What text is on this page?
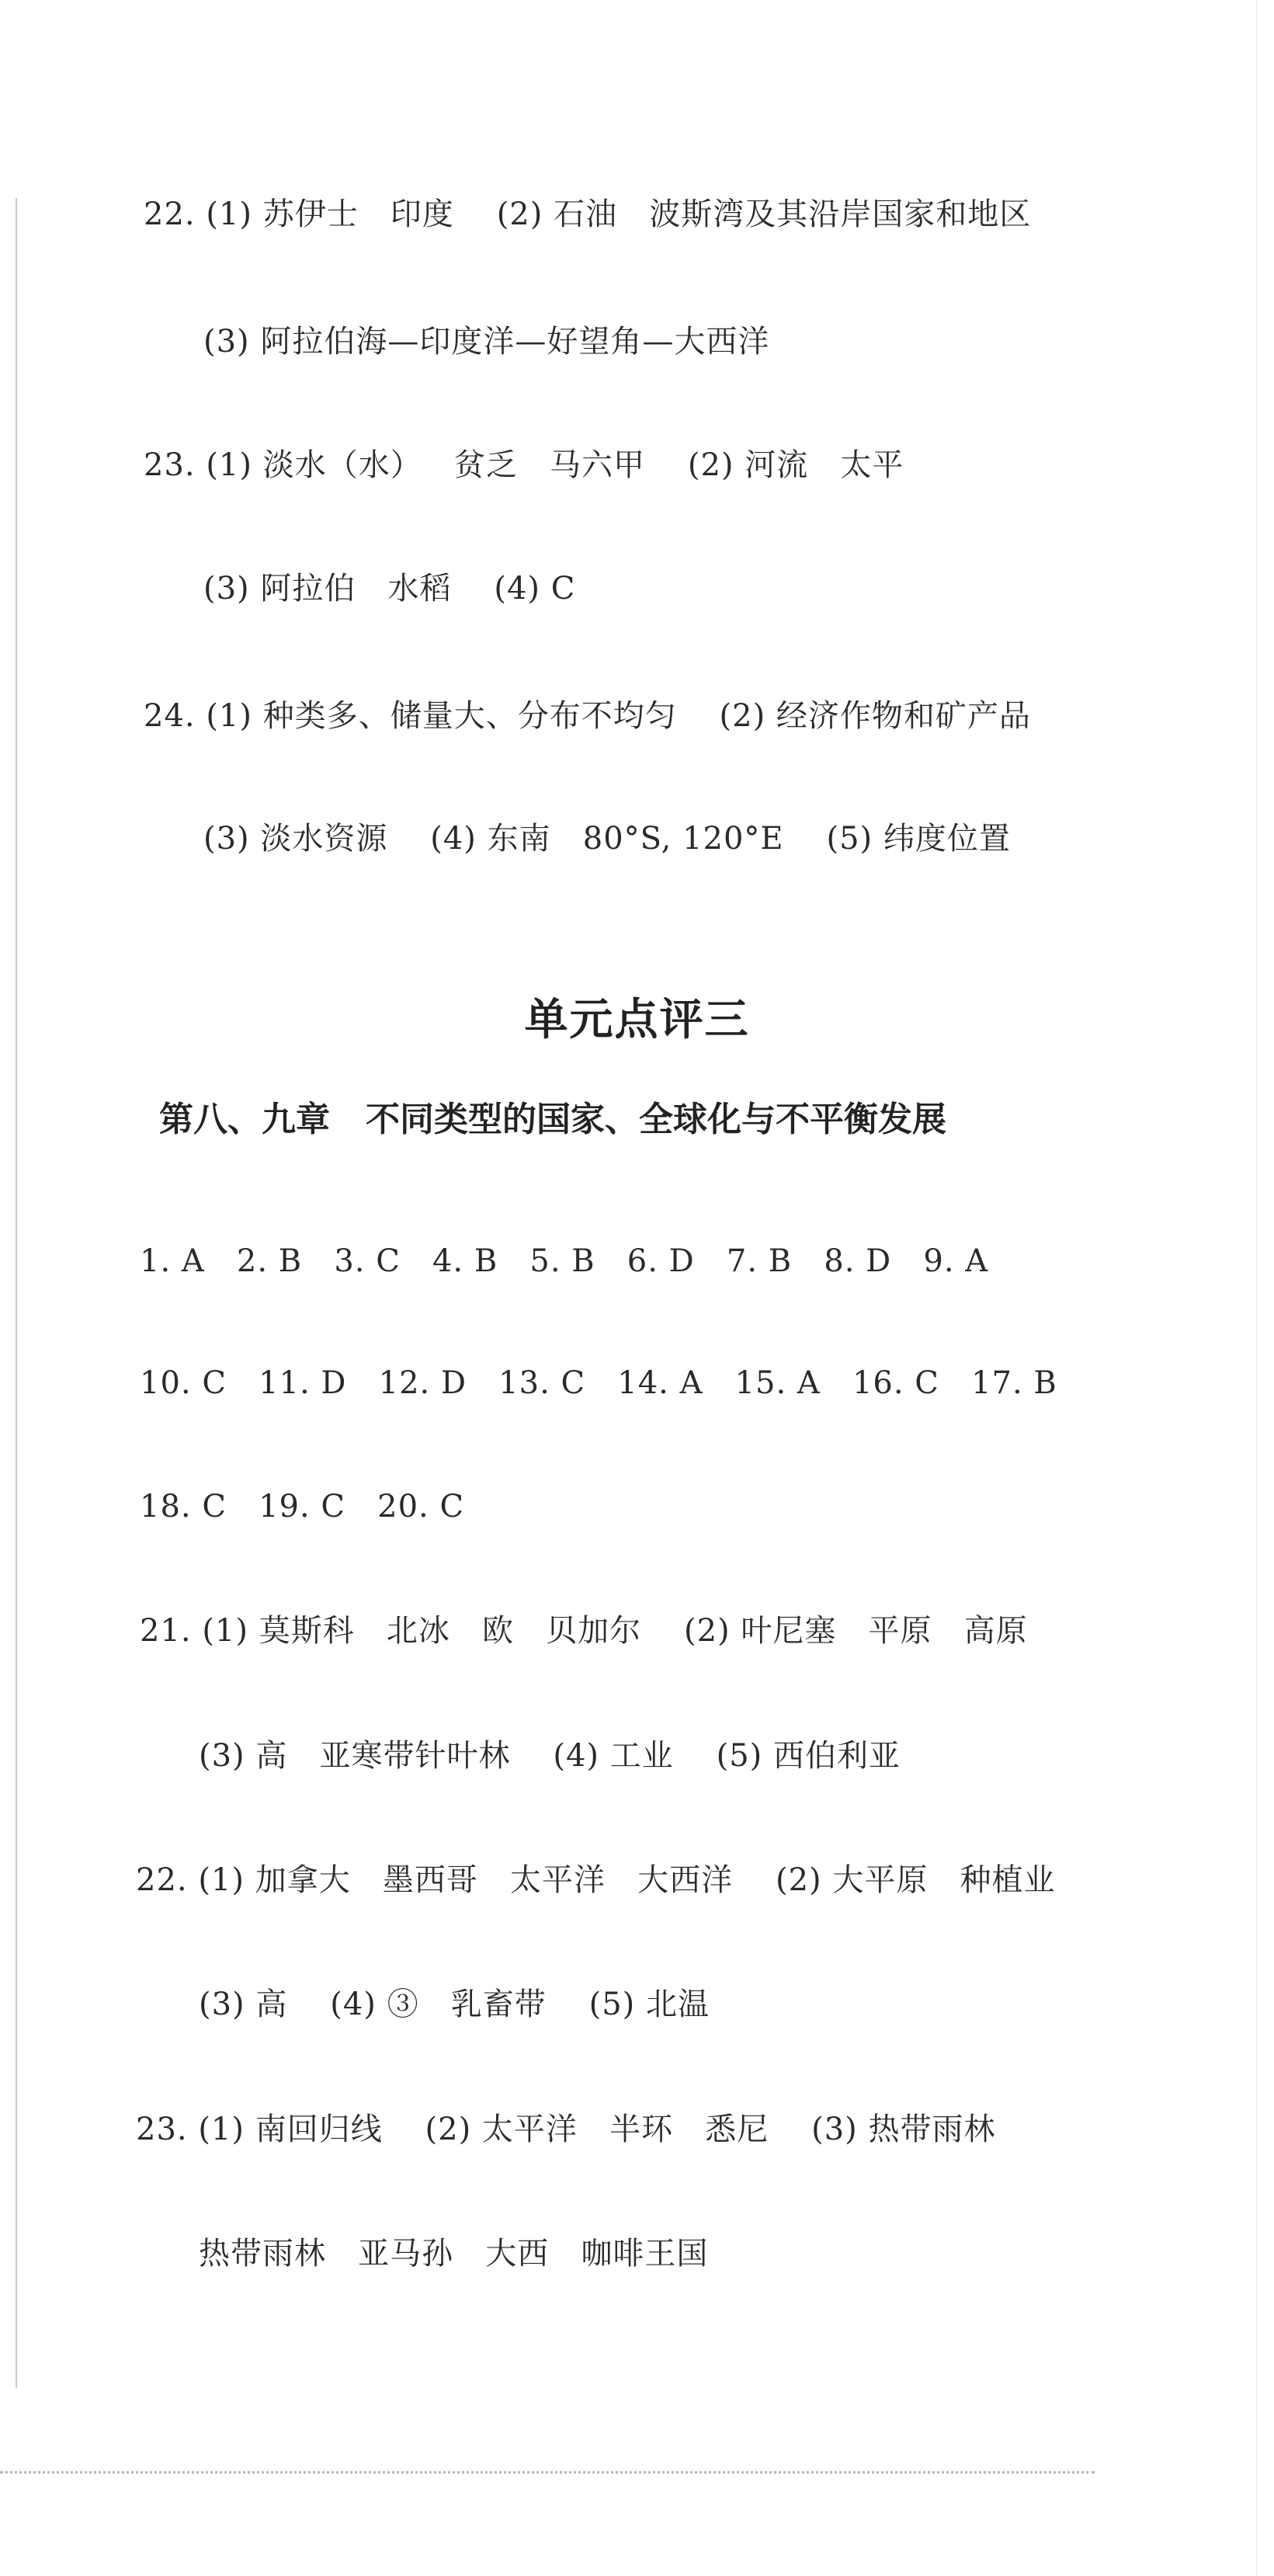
22. (1) 苏伊士   印度    (2) 石油   波斯湾及其沿岸国家和地区
(3) 阿拉伯海—印度洋—好望角—大西洋
23. (1) 淡水（水）   贫乏   马六甲    (2) 河流   太平
(3) 阿拉伯   水稻    (4) C
24. (1) 种类多、储量大、分布不均匀    (2) 经济作物和矿产品
(3) 淡水资源    (4) 东南   80°S, 120°E    (5) 纬度位置
单元点评三
第八、九章   不同类型的国家、全球化与不平衡发展
1. A   2. B   3. C   4. B   5. B   6. D   7. B   8. D   9. A
10. C   11. D   12. D   13. C   14. A   15. A   16. C   17. B
18. C   19. C   20. C
21. (1) 莫斯科   北冰   欧   贝加尔    (2) 叶尼塞   平原   高原
(3) 高   亚寒带针叶林    (4) 工业    (5) 西伯利亚
22. (1) 加拿大   墨西哥   太平洋   大西洋    (2) 大平原   种植业
(3) 高    (4) ③   乳畜带    (5) 北温
23. (1) 南回归线    (2) 太平洋   半环   悉尼    (3) 热带雨林
热带雨林   亚马孙   大西   咖啡王国
